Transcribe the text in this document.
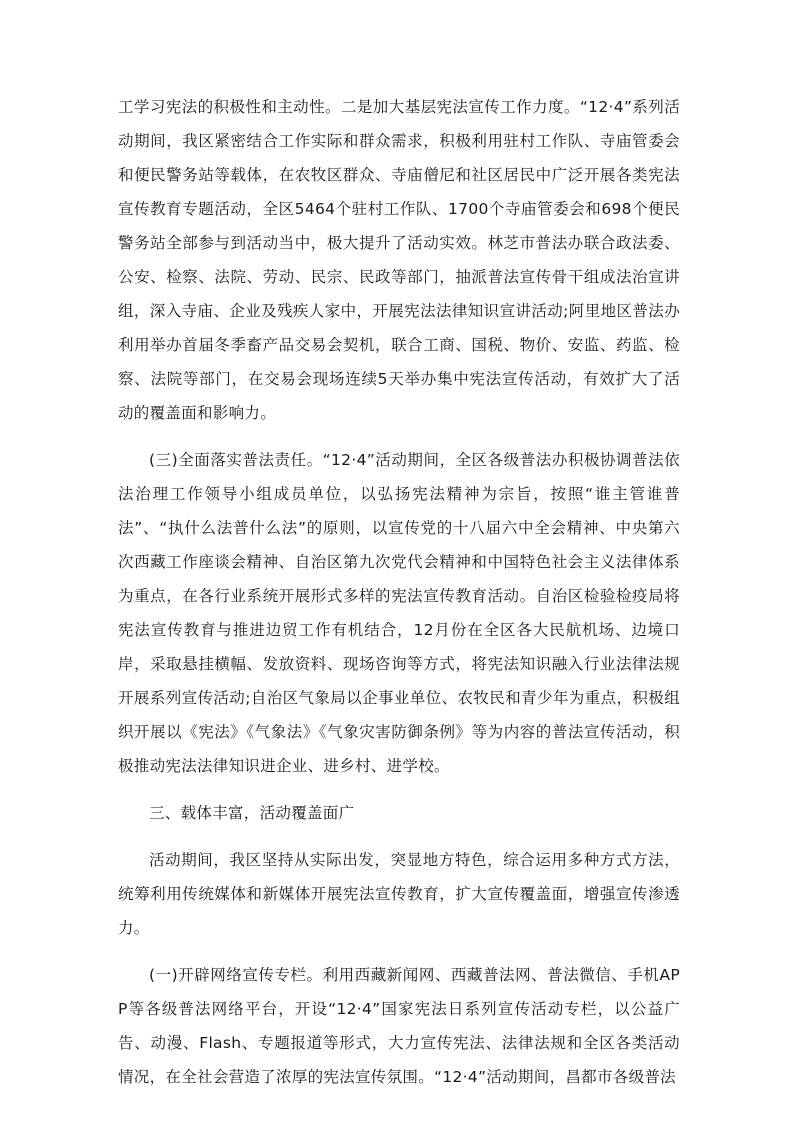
工学习宪法的积极性和主动性。二是加大基层宪法宣传工作力度。“12·4”系列活动期间，我区紧密结合工作实际和群众需求，积极利用驻村工作队、寺庙管委会和便民警务站等载体，在农牧区群众、寺庙僧尼和社区居民中广泛开展各类宪法宣传教育专题活动，全区5464个驻村工作队、1700个寺庙管委会和698个便民警务站全部参与到活动当中，极大提升了活动实效。林芝市普法办联合政法委、公安、检察、法院、劳动、民宗、民政等部门，抽派普法宣传骨干组成法治宣讲组，深入寺庙、企业及残疾人家中，开展宪法法律知识宣讲活动;阿里地区普法办利用举办首届冬季畜产品交易会契机，联合工商、国税、物价、安监、药监、检察、法院等部门，在交易会现场连续5天举办集中宪法宣传活动，有效扩大了活动的覆盖面和影响力。

(三)全面落实普法责任。“12·4”活动期间，全区各级普法办积极协调普法依法治理工作领导小组成员单位，以弘扬宪法精神为宗旨，按照“谁主管谁普法”、“执什么法普什么法”的原则，以宣传党的十八届六中全会精神、中央第六次西藏工作座谈会精神、自治区第九次党代会精神和中国特色社会主义法律体系为重点，在各行业系统开展形式多样的宪法宣传教育活动。自治区检验检疫局将宪法宣传教育与推进边贸工作有机结合，12月份在全区各大民航机场、边境口岸，采取悬挂横幅、发放资料、现场咨询等方式，将宪法知识融入行业法律法规开展系列宣传活动;自治区气象局以企事业单位、农牧民和青少年为重点，积极组织开展以《宪法》《气象法》《气象灾害防御条例》等为内容的普法宣传活动，积极推动宪法法律知识进企业、进乡村、进学校。

三、载体丰富，活动覆盖面广

活动期间，我区坚持从实际出发，突显地方特色，综合运用多种方式方法，统筹利用传统媒体和新媒体开展宪法宣传教育，扩大宣传覆盖面，增强宣传渗透力。

(一)开辟网络宣传专栏。利用西藏新闻网、西藏普法网、普法微信、手机APP等各级普法网络平台，开设“12·4”国家宪法日系列宣传活动专栏，以公益广告、动漫、Flash、专题报道等形式，大力宣传宪法、法律法规和全区各类活动情况，在全社会营造了浓厚的宪法宣传氛围。“12·4”活动期间，昌都市各级普法
